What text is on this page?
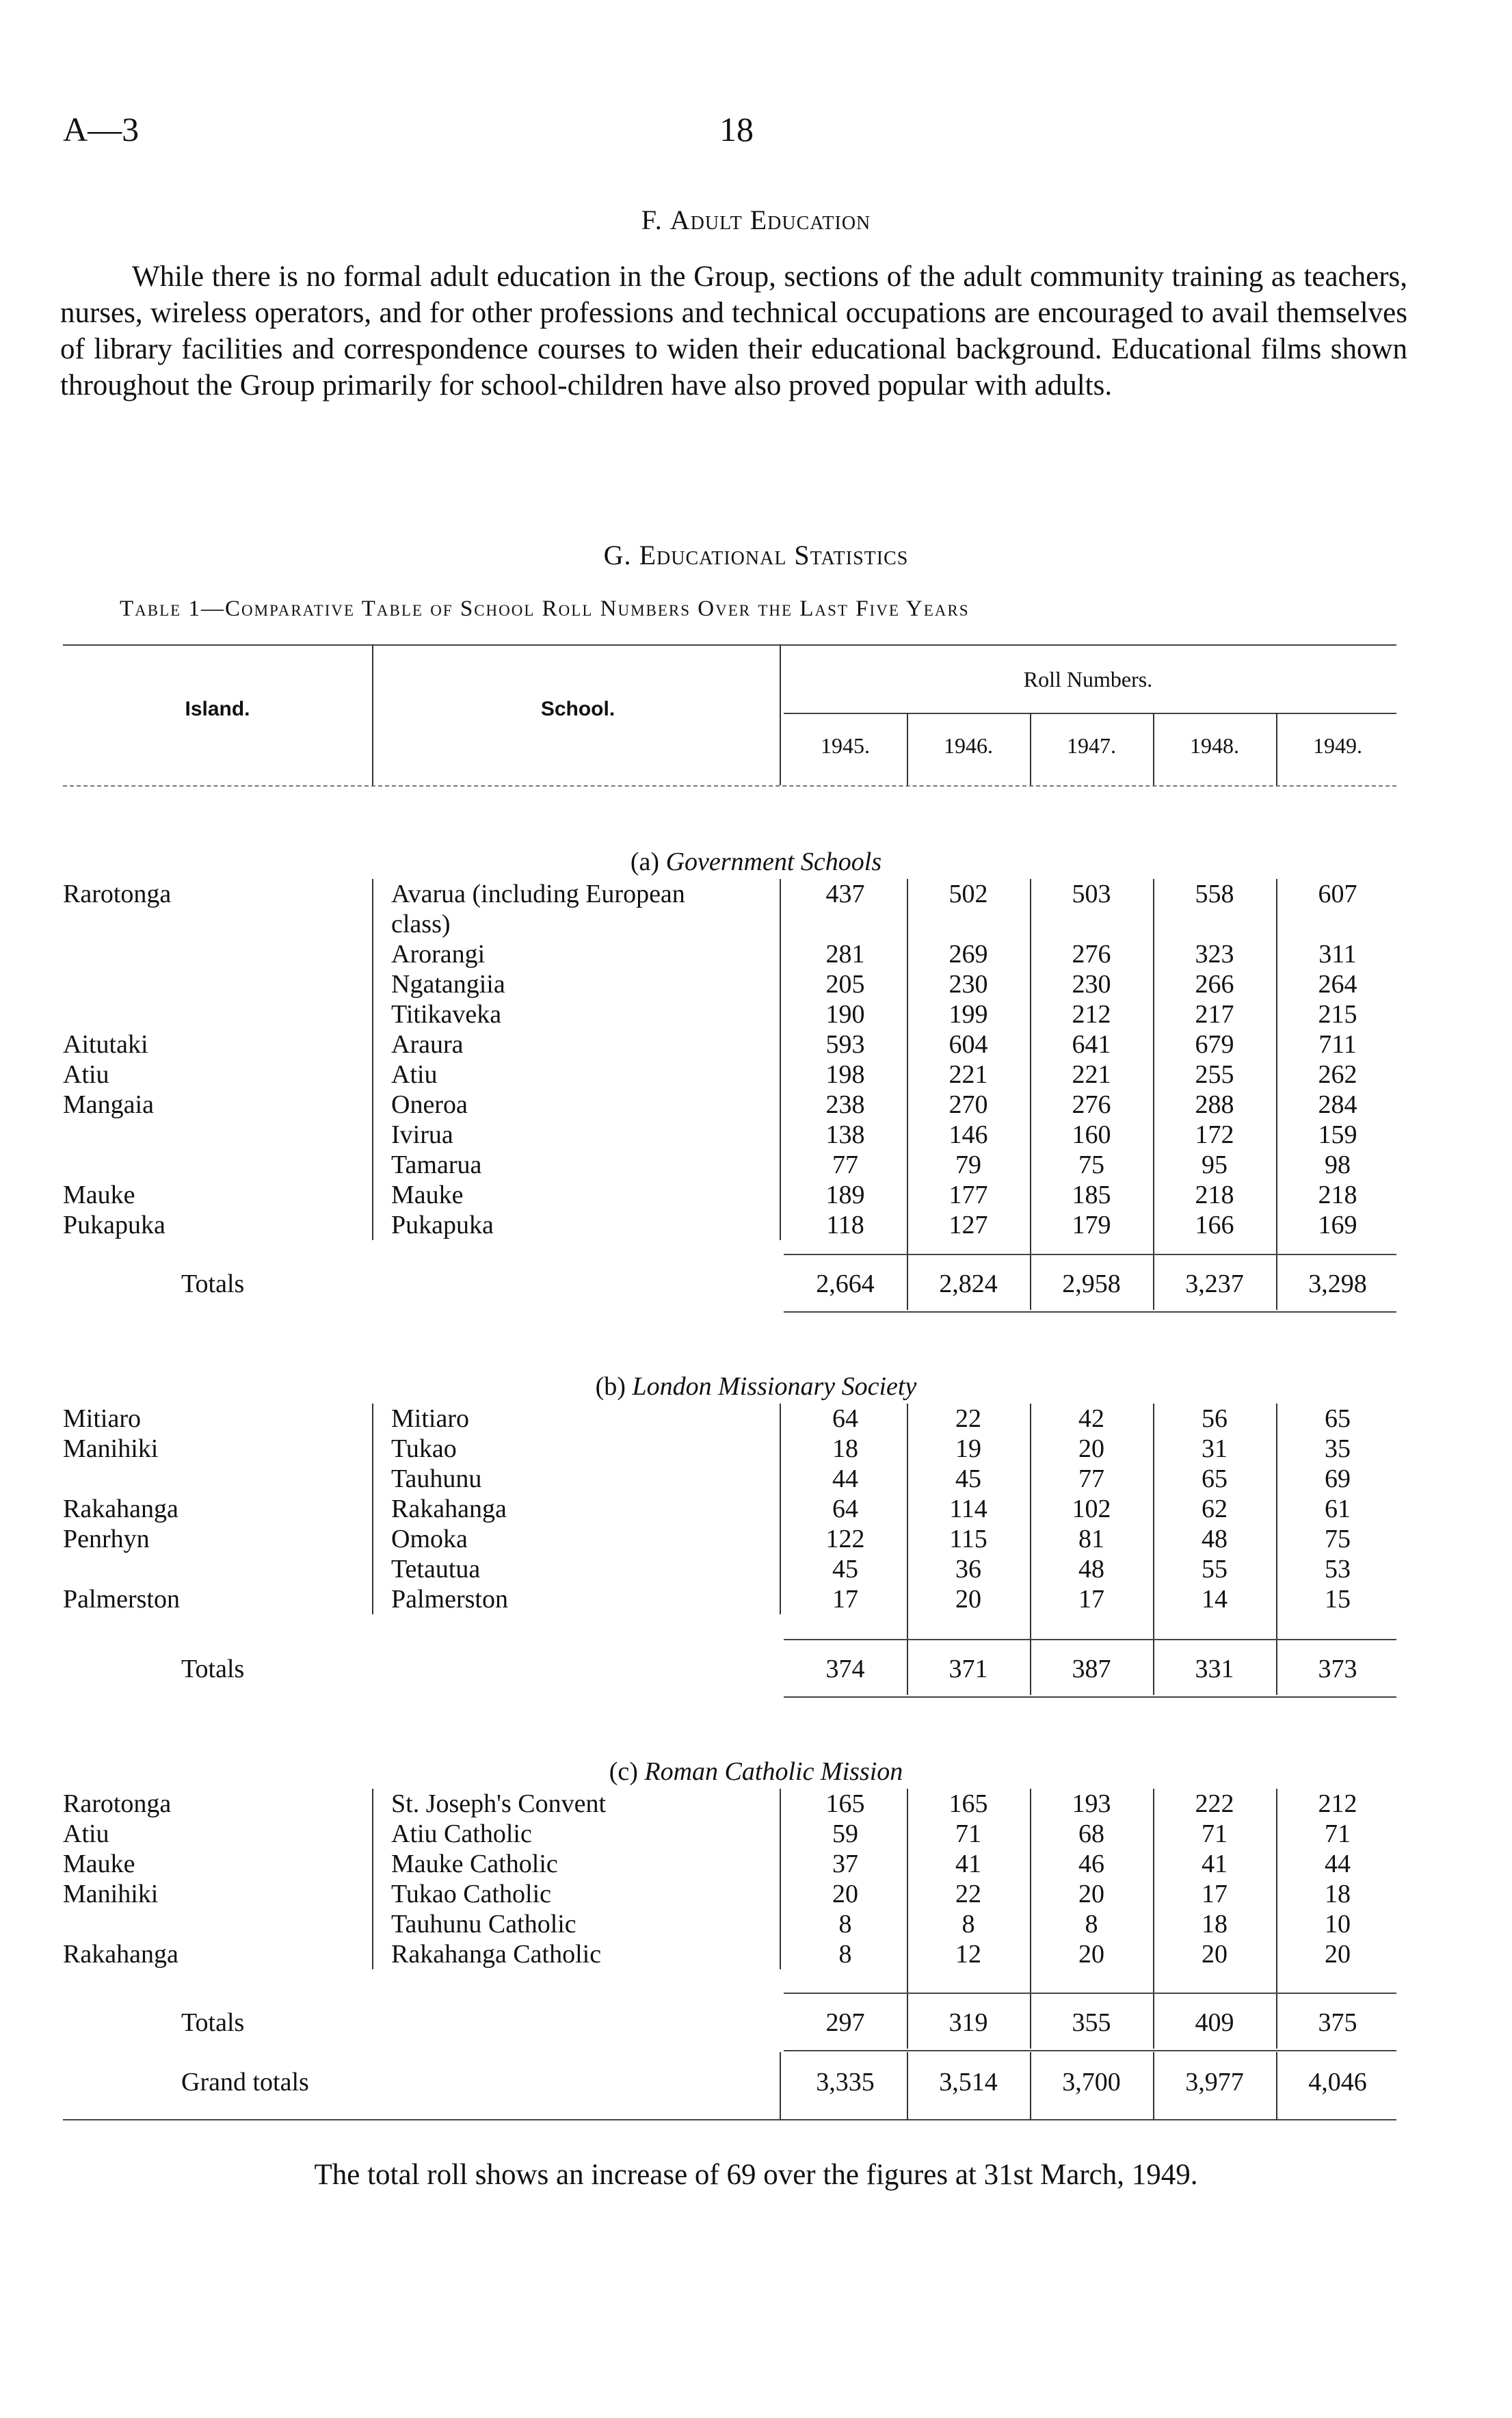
A—3	18
F. Adult Education
While there is no formal adult education in the Group, sections of the adult community training as teachers, nurses, wireless operators, and for other professions and technical occupations are encouraged to avail themselves of library facilities and correspondence courses to widen their educational background. Educational films shown throughout the Group primarily for school-children have also proved popular with adults.
G. Educational Statistics
Table 1—Comparative Table of School Roll Numbers Over the Last Five Years
Island.	School.
Roll Numbers.
1945.	1946.	1947.	1948.	1949.
(a) Government Schools
Rarotonga	Avarua (including European	437	502	503	558	607
class)
Arorangi	281	269	276	323	311
Ngatangiia	205	230	230	266	264
Titikaveka	190	199	212	217	215
Aitutaki	Araura	593	604	641	679	711
Atiu	Atiu	198	221	221	255	262
Mangaia	Oneroa	238	270	276	288	284
Ivirua	138	146	160	172	159
Tamarua	77	79	75	95	98
Mauke	Mauke	189	177	185	218	218
Pukapuka	Pukapuka	118	127	179	166	169
Totals	2,664	2,824	2,958	3,237	3,298
(b) London Missionary Society
Mitiaro	Mitiaro	64	22	42	56	65
Manihiki	Tukao	18	19	20	31	35
Tauhunu	44	45	77	65	69
Rakahanga	Rakahanga	64	114	102	62	61
Penrhyn	Omoka	122	115	81	48	75
Tetautua	45	36	48	55	53
Palmerston	Palmerston	17	20	17	14	15
Totals	374	371	387	331	373
(c) Roman Catholic Mission
Rarotonga	St. Joseph's Convent	165	165	193	222	212
Atiu	Atiu Catholic	59	71	68	71	71
Mauke	Mauke Catholic	37	41	46	41	44
Manihiki	Tukao Catholic	20	22	20	17	18
Tauhunu Catholic	8	8	8	18	10
Rakahanga	Rakahanga Catholic	8	12	20	20	20
Totals	297	319	355	409	375
Grand totals	3,335	3,514	3,700	3,977	4,046
The total roll shows an increase of 69 over the figures at 31st March, 1949.
